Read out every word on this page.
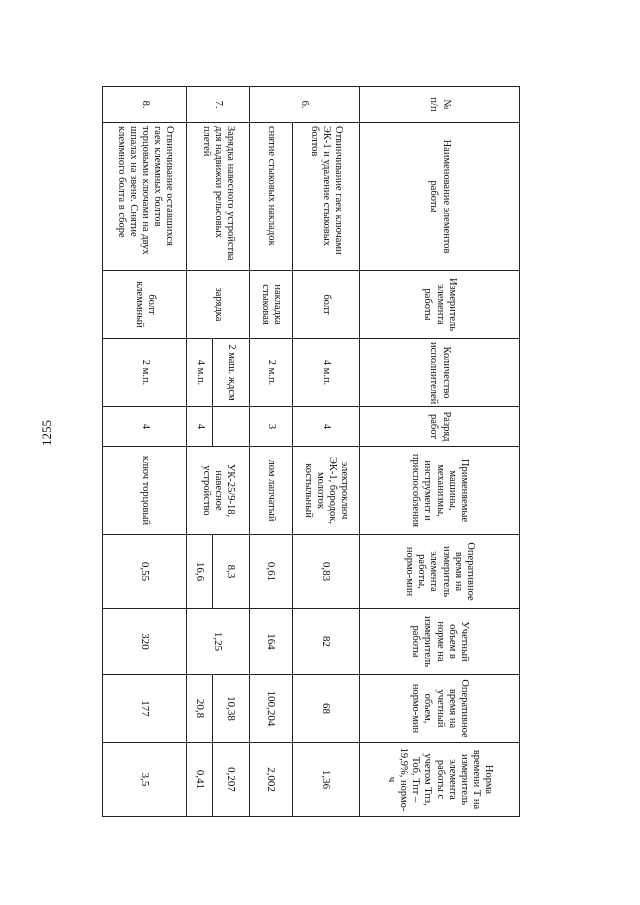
1255
№
п/п	Наименование элементов работы	Измеритель элемента работы	Количество исполнителей	Разряд работ	Применяемые машины, механизмы, инструмент и приспособления	Оперативное время на измеритель элемента работы, нормо-мин	Учетный объем в норме на измеритель работы	Оперативное время на учетный объем, нормо-мин	Норма времени Т на измеритель элемента работы с учетом Тпз, Тоб, Тпт – 19,9%, нормо-ч
6.	Отвинчивание гаек ключами ЭК-1 и удаление стыковых болтов	болт	4 м.п.	4	электроключ ЭК-1, бородок, молоток костыльный	0,83	82	68	1,36
	снятие стыковых накладок	накладка стыковая	2 м.п.	3	лом лапчатый	0,61	164	100,204	2,002
7.	Зарядка навесного устройства для надвижки рельсовых плетей	зарядка	2 маш. ждсм		УК-25/9-18, навесное устройство	8,3	1,25	10,38	0,207
			4 м.п.	4		16,6		20,8	0,41
8.	Отвинчивание оставшихся гаек клеммных болтов торцовыми ключами на двух шпалах на звене. Снятие клеммного болта в сборе	болт клеммный	2 м.п.	4	ключ торцовый	0,55	320	177	3,5
